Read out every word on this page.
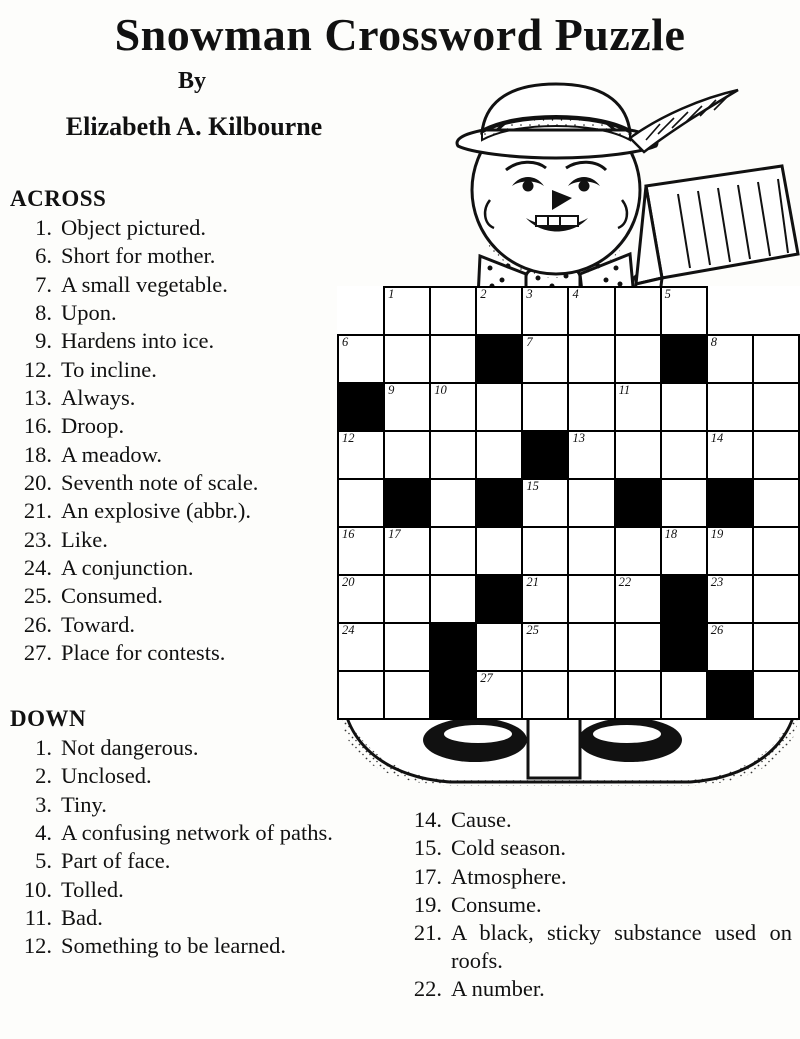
Snowman Crossword Puzzle
By
Elizabeth A. Kilbourne
ACROSS
1. Object pictured.
6. Short for mother.
7. A small vegetable.
8. Upon.
9. Hardens into ice.
12. To incline.
13. Always.
16. Droop.
18. A meadow.
20. Seventh note of scale.
21. An explosive (abbr.).
23. Like.
24. A conjunction.
25. Consumed.
26. Toward.
27. Place for contests.
DOWN
1. Not dangerous.
2. Unclosed.
3. Tiny.
4. A confusing network of paths.
5. Part of face.
10. Tolled.
11. Bad.
12. Something to be learned.
14. Cause.
15. Cold season.
17. Atmosphere.
19. Consume.
21. A black, sticky substance used on roofs.
22. A number.

	1		2	3	4		5		

6				7				8	

	9	10				11			

12					13			14	

				15					

16	17						18	19	

20				21		22		23	

24				25				26	

			27						
